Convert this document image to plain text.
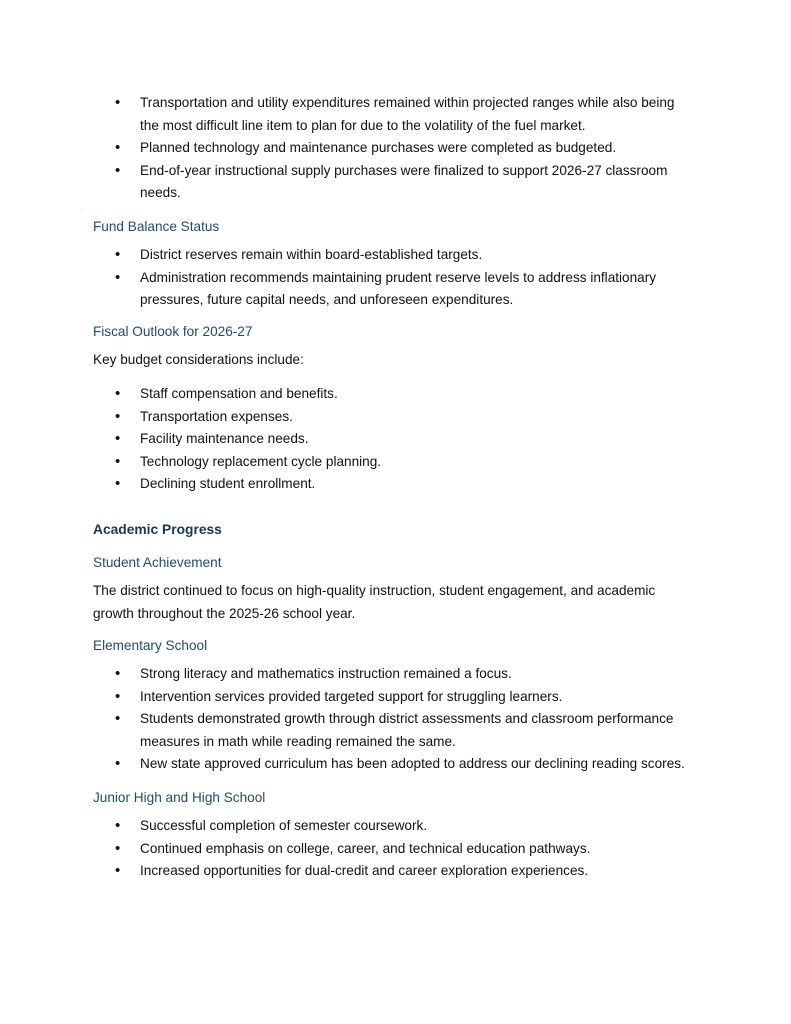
• Transportation and utility expenditures remained within projected ranges while also being the most difficult line item to plan for due to the volatility of the fuel market.
• Planned technology and maintenance purchases were completed as budgeted.
• End-of-year instructional supply purchases were finalized to support 2026-27 classroom needs.
Fund Balance Status
• District reserves remain within board-established targets.
• Administration recommends maintaining prudent reserve levels to address inflationary pressures, future capital needs, and unforeseen expenditures.
Fiscal Outlook for 2026-27

Key budget considerations include:

• Staff compensation and benefits.
• Transportation expenses.
• Facility maintenance needs.
• Technology replacement cycle planning.
• Declining student enrollment.
Academic Progress
Student Achievement

The district continued to focus on high-quality instruction, student engagement, and academic growth throughout the 2025-26 school year.

Elementary School
• Strong literacy and mathematics instruction remained a focus.
• Intervention services provided targeted support for struggling learners.
• Students demonstrated growth through district assessments and classroom performance measures in math while reading remained the same.
• New state approved curriculum has been adopted to address our declining reading scores.
Junior High and High School
• Successful completion of semester coursework.
• Continued emphasis on college, career, and technical education pathways.
• Increased opportunities for dual-credit and career exploration experiences.
